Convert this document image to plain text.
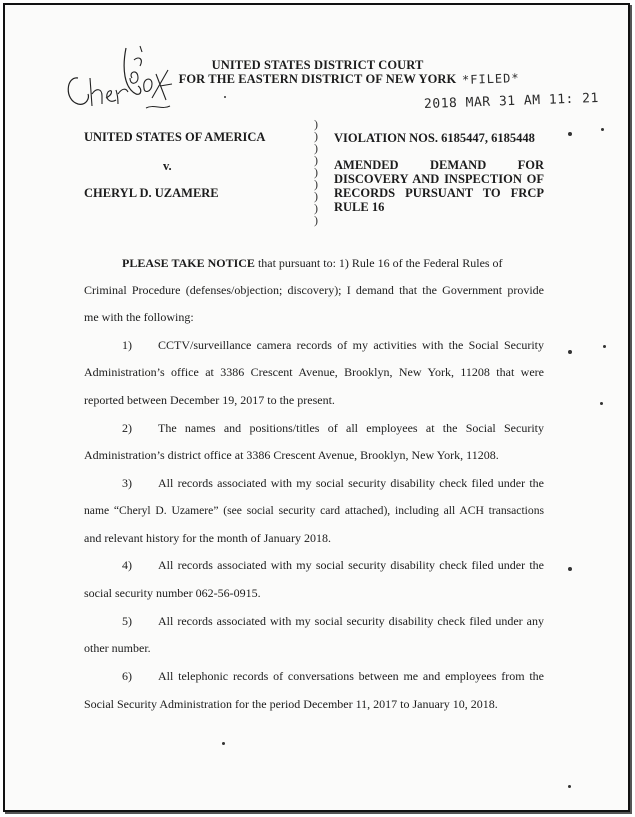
UNITED STATES DISTRICT COURT
FOR THE EASTERN DISTRICT OF NEW YORK *FILED*
2018 MAR 31 AM 11: 21
UNITED STATES OF AMERICA
v.
CHERYL D. UZAMERE
)
)
)
)
)
)
)
)
)
VIOLATION NOS. 6185447, 6185448
AMENDED DEMAND FOR
DISCOVERY AND INSPECTION OF
RECORDS PURSUANT TO FRCP
RULE 16
PLEASE TAKE NOTICE that pursuant to: 1) Rule 16 of the Federal Rules of
Criminal Procedure (defenses/objection; discovery); I demand that the Government provide
me with the following:
1) CCTV/surveillance camera records of my activities with the Social Security
Administration’s office at 3386 Crescent Avenue, Brooklyn, New York, 11208 that were
reported between December 19, 2017 to the present.
2) The names and positions/titles of all employees at the Social Security
Administration’s district office at 3386 Crescent Avenue, Brooklyn, New York, 11208.
3) All records associated with my social security disability check filed under the
name “Cheryl D. Uzamere” (see social security card attached), including all ACH transactions
and relevant history for the month of January 2018.
4) All records associated with my social security disability check filed under the
social security number 062-56-0915.
5) All records associated with my social security disability check filed under any
other number.
6) All telephonic records of conversations between me and employees from the
Social Security Administration for the period December 11, 2017 to January 10, 2018.
